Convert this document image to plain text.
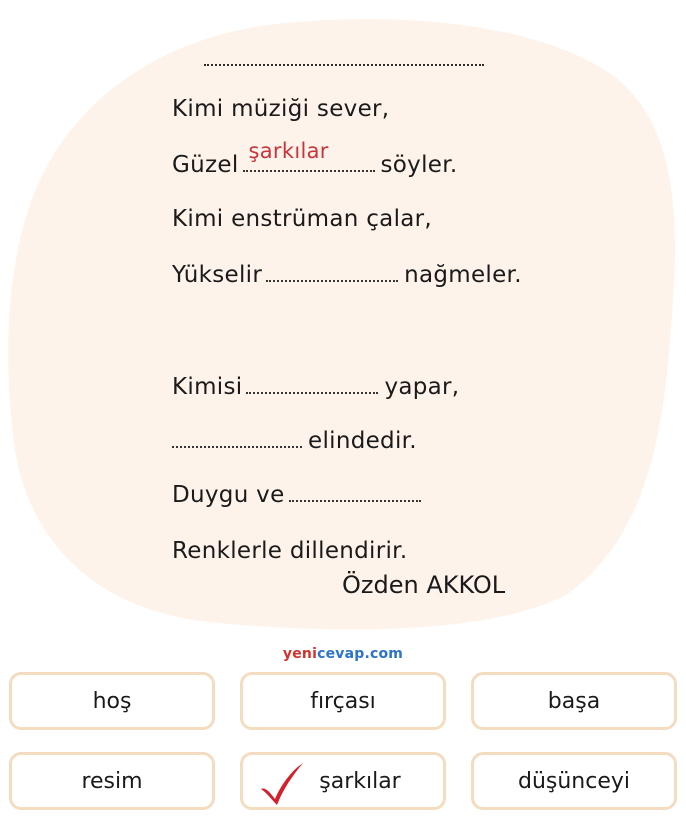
Kimi müziği sever,
Güzel
şarkılar
söyler.
Kimi enstrüman çalar,
Yükselir	nağmeler.
Kimisi	yapar,
elindedir.
Duygu ve
Renklerle dillendirir.
Özden AKKOL
yenicevap.com
hoş	fırçası	başa
resim	şarkılar	düşünceyi
